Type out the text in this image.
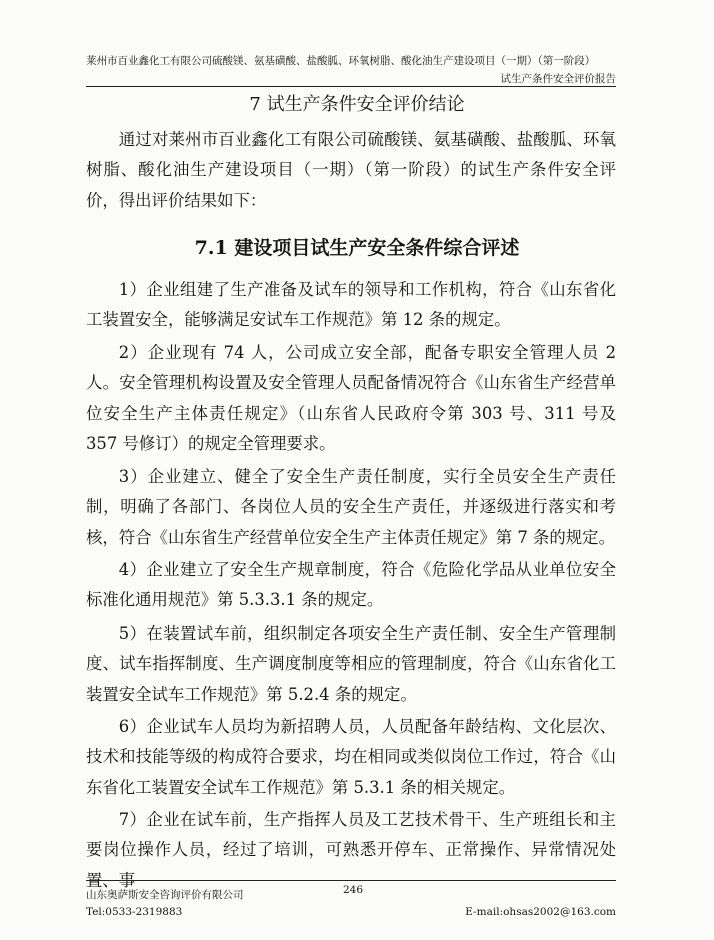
莱州市百业鑫化工有限公司硫酸镁、氨基磺酸、盐酸胍、环氧树脂、酸化油生产建设项目（一期）（第一阶段）
试生产条件安全评价报告
7 试生产条件安全评价结论

通过对莱州市百业鑫化工有限公司硫酸镁、氨基磺酸、盐酸胍、环氧树脂、酸化油生产建设项目（一期）（第一阶段）的试生产条件安全评价，得出评价结果如下：

7.1 建设项目试生产安全条件综合评述

1）企业组建了生产准备及试车的领导和工作机构，符合《山东省化工装置安全，能够满足安试车工作规范》第 12 条的规定。

2）企业现有 74 人，公司成立安全部，配备专职安全管理人员 2 人。安全管理机构设置及安全管理人员配备情况符合《山东省生产经营单位安全生产主体责任规定》（山东省人民政府令第 303 号、311 号及 357 号修订）的规定全管理要求。

3）企业建立、健全了安全生产责任制度，实行全员安全生产责任制，明确了各部门、各岗位人员的安全生产责任，并逐级进行落实和考核，符合《山东省生产经营单位安全生产主体责任规定》第 7 条的规定。

4）企业建立了安全生产规章制度，符合《危险化学品从业单位安全标准化通用规范》第 5.3.3.1 条的规定。

5）在装置试车前，组织制定各项安全生产责任制、安全生产管理制度、试车指挥制度、生产调度制度等相应的管理制度，符合《山东省化工装置安全试车工作规范》第 5.2.4 条的规定。

6）企业试车人员均为新招聘人员，人员配备年龄结构、文化层次、技术和技能等级的构成符合要求，均在相同或类似岗位工作过，符合《山东省化工装置安全试车工作规范》第 5.3.1 条的相关规定。

7）企业在试车前，生产指挥人员及工艺技术骨干、生产班组长和主要岗位操作人员，经过了培训，可熟悉开停车、正常操作、异常情况处置、事

山东奥萨斯安全咨询评价有限公司	246
Tel:0533-2319883	E-mail:ohsas2002@163.com
